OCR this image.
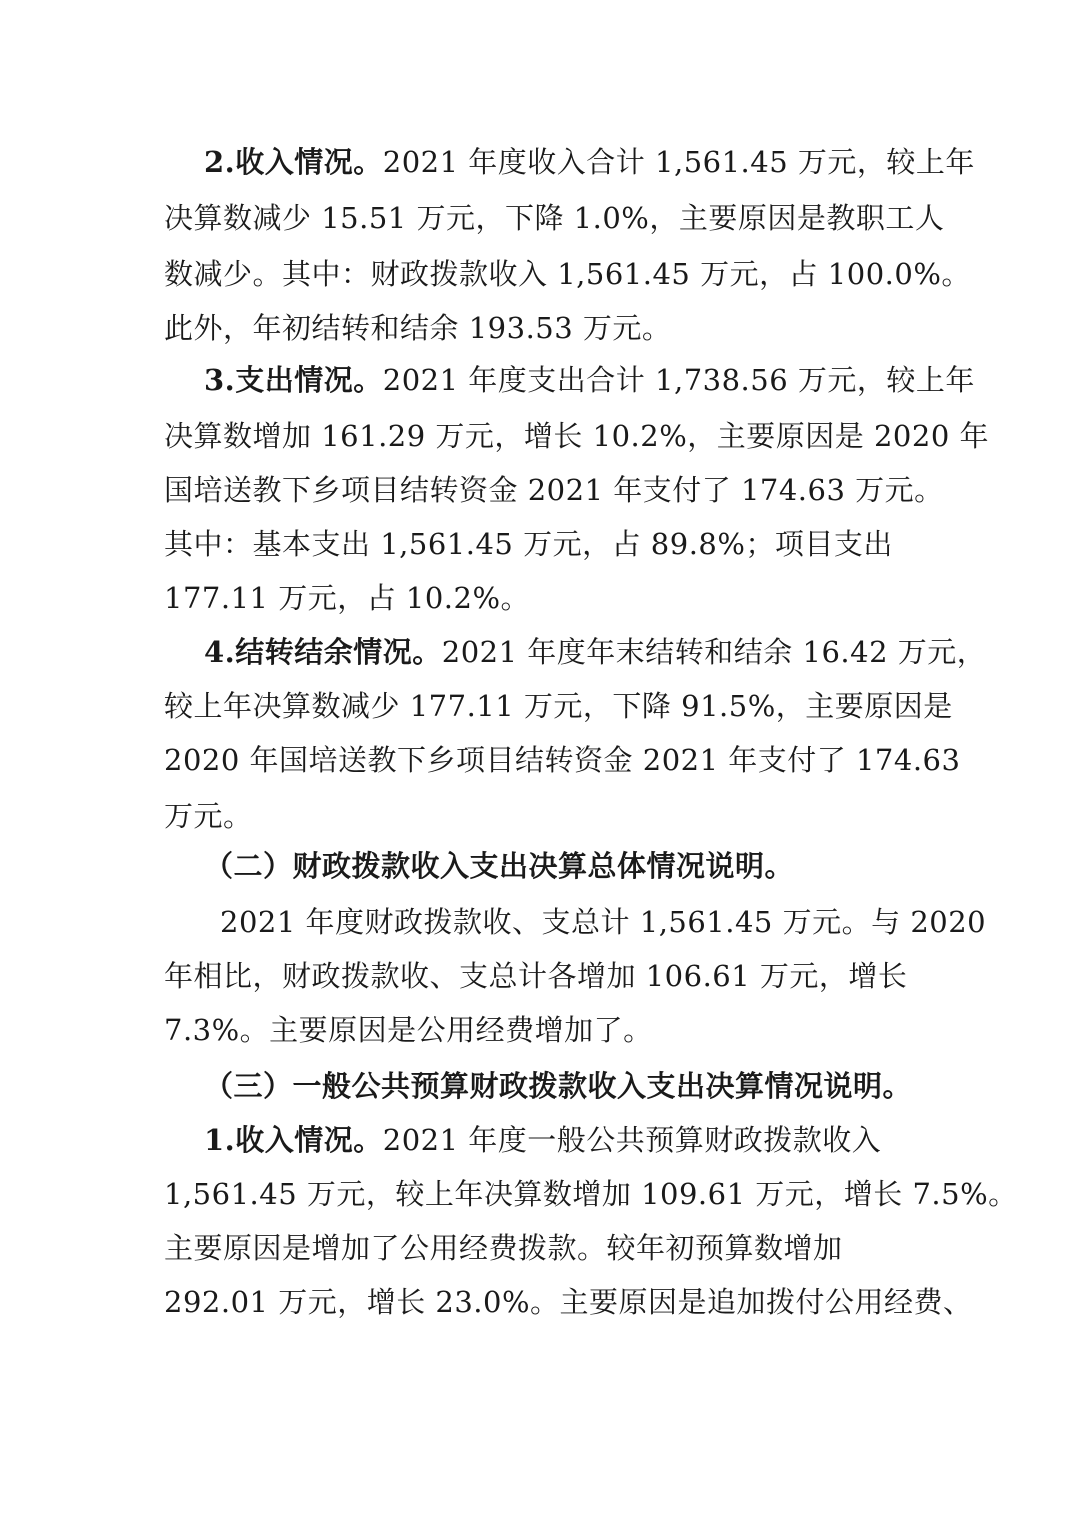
2.收入情况。2021 年度收入合计 1,561.45 万元，较上年
决算数减少 15.51 万元，下降 1.0%，主要原因是教职工人
数减少。其中：财政拨款收入 1,561.45 万元，占 100.0%。
此外，年初结转和结余 193.53 万元。
3.支出情况。2021 年度支出合计 1,738.56 万元，较上年
决算数增加 161.29 万元，增长 10.2%，主要原因是 2020 年
国培送教下乡项目结转资金 2021 年支付了 174.63 万元。
其中：基本支出 1,561.45 万元，占 89.8%；项目支出
177.11 万元，占 10.2%。
4.结转结余情况。2021 年度年末结转和结余 16.42 万元，
较上年决算数减少 177.11 万元，下降 91.5%，主要原因是
2020 年国培送教下乡项目结转资金 2021 年支付了 174.63
万元。
（二）财政拨款收入支出决算总体情况说明。
2021 年度财政拨款收、支总计 1,561.45 万元。与 2020
年相比，财政拨款收、支总计各增加 106.61 万元，增长
7.3%。主要原因是公用经费增加了。
（三）一般公共预算财政拨款收入支出决算情况说明。
1.收入情况。2021 年度一般公共预算财政拨款收入
1,561.45 万元，较上年决算数增加 109.61 万元，增长 7.5%。
主要原因是增加了公用经费拨款。较年初预算数增加
292.01 万元，增长 23.0%。主要原因是追加拨付公用经费、
